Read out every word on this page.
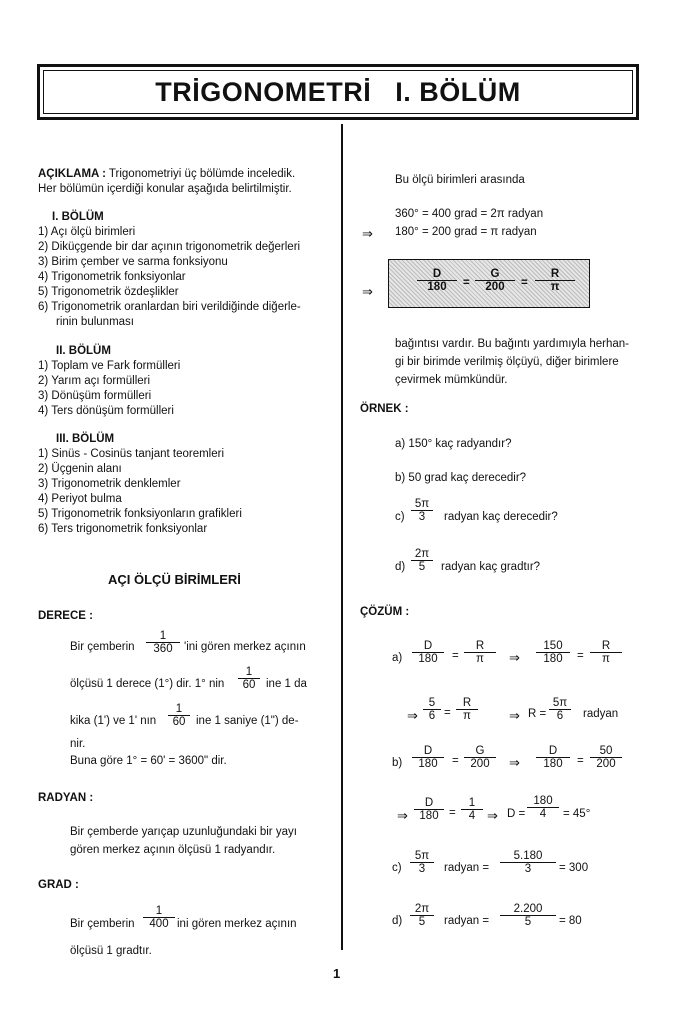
TRİGONOMETRİ   I. BÖLÜM
AÇIKLAMA : Trigonometriyi üç bölümde inceledik.
Her bölümün içerdiği konular aşağıda belirtilmiştir.
I. BÖLÜM
1) Açı ölçü birimleri
2) Diküçgende bir dar açının trigonometrik değerleri
3) Birim çember ve sarma fonksiyonu
4) Trigonometrik fonksiyonlar
5) Trigonometrik özdeşlikler
6) Trigonometrik oranlardan biri verildiğinde diğerle-
rinin bulunması
II. BÖLÜM
1) Toplam ve Fark formülleri
2) Yarım açı formülleri
3) Dönüşüm formülleri
4) Ters dönüşüm formülleri
III. BÖLÜM
1) Sinüs - Cosinüs tanjant teoremleri
2) Üçgenin alanı
3) Trigonometrik denklemler
4) Periyot bulma
5) Trigonometrik fonksiyonların grafikleri
6) Ters trigonometrik fonksiyonlar
AÇI ÖLÇÜ BİRİMLERİ
DERECE :
Bir çemberin
1
360 'ini gören merkez açının
ölçüsü 1 derece (1°) dir. 1° nin
1
60 ine 1 da
kika (1') ve 1' nın
1
60 ine 1 saniye (1") de-
nir.
Buna göre 1° = 60' = 3600" dir.
RADYAN :
Bir çemberde yarıçap uzunluğundaki bir yayı
gören merkez açının ölçüsü 1 radyandır.
GRAD :
Bir çemberin
1
400 ini gören merkez açının
ölçüsü 1 gradtır.
Bu ölçü birimleri arasında
360° = 400 grad = 2π radyan
⇒ 180° = 200 grad = π radyan
⇒
D
180 =
G
200 =
R
π
bağıntısı vardır. Bu bağıntı yardımıyla herhan-
gi bir birimde verilmiş ölçüyü, diğer birimlere
çevirmek mümkündür.
ÖRNEK :
a) 150° kaç radyandır?
b) 50 grad kaç derecedir?
c)
5π
3 radyan kaç derecedir?
d)
2π
5 radyan kaç gradtır?
ÇÖZÜM :
a)
D
180 =
R
π ⇒
150
180 =
R
π
⇒
5
6 =
R
π	⇒ R =
5π
6 radyan
b)
D
180 =
G
200 ⇒
D
180 =
50
200
⇒
D
180 =
1
4 ⇒ D =
180
4 = 45°
c)
5π
3 radyan =
5.180
3 = 300
d)
2π
5 radyan =
2.200
5 = 80
1
